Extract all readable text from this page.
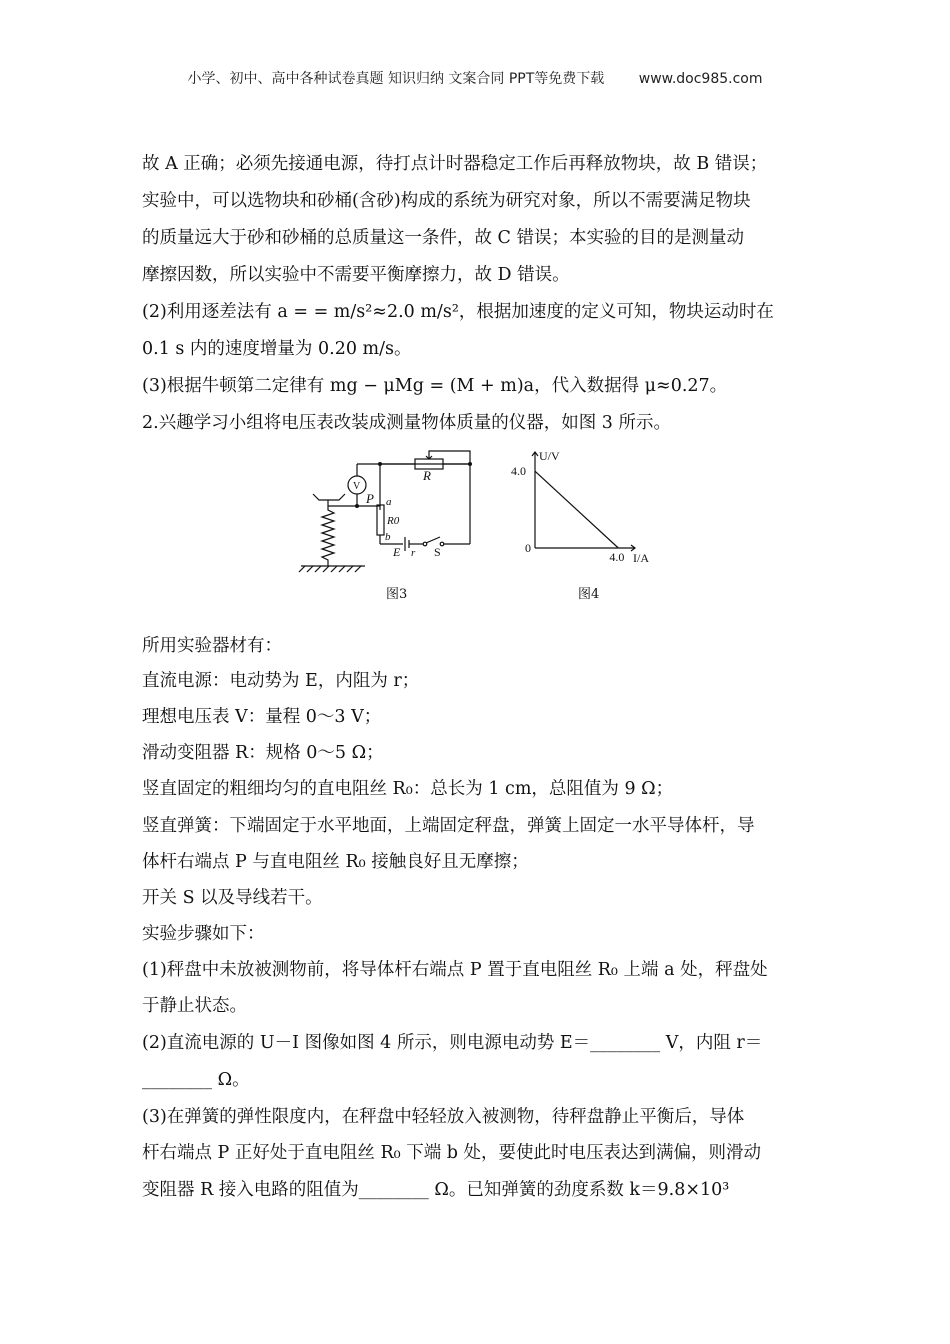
小学、初中、高中各种试卷真题 知识归纳 文案合同 PPT等免费下载 www.doc985.com
故 A 正确；必须先接通电源，待打点计时器稳定工作后再释放物块，故 B 错误；
实验中，可以选物块和砂桶(含砂)构成的系统为研究对象，所以不需要满足物块
的质量远大于砂和砂桶的总质量这一条件，故 C 错误；本实验的目的是测量动
摩擦因数，所以实验中不需要平衡摩擦力，故 D 错误。
(2)利用逐差法有 a = = m/s²≈2.0 m/s²，根据加速度的定义可知，物块运动时在
0.1 s 内的速度增量为 0.20 m/s。
(3)根据牛顿第二定律有 mg − μMg = (M + m)a，代入数据得 μ≈0.27。
2.兴趣学习小组将电压表改装成测量物体质量的仪器，如图 3 所示。
所用实验器材有：
直流电源：电动势为 E，内阻为 r；
理想电压表 V：量程 0～3 V；
滑动变阻器 R：规格 0～5 Ω；
竖直固定的粗细均匀的直电阻丝 R₀：总长为 1 cm，总阻值为 9 Ω；
竖直弹簧：下端固定于水平地面，上端固定秤盘，弹簧上固定一水平导体杆，导
体杆右端点 P 与直电阻丝 R₀ 接触良好且无摩擦；
开关 S 以及导线若干。
实验步骤如下：
(1)秤盘中未放被测物前，将导体杆右端点 P 置于直电阻丝 R₀ 上端 a 处，秤盘处
于静止状态。
(2)直流电源的 U－I 图像如图 4 所示，则电源电动势 E＝________ V，内阻 r＝
________ Ω。
(3)在弹簧的弹性限度内，在秤盘中轻轻放入被测物，待秤盘静止平衡后，导体
杆右端点 P 正好处于直电阻丝 R₀ 下端 b 处，要使此时电压表达到满偏，则滑动
变阻器 R 接入电路的阻值为________ Ω。已知弹簧的劲度系数 k＝9.8×10³
R
V
P a
R0
b
E r S
图3
U/V
I/A
4.0
4.0
0
图4
